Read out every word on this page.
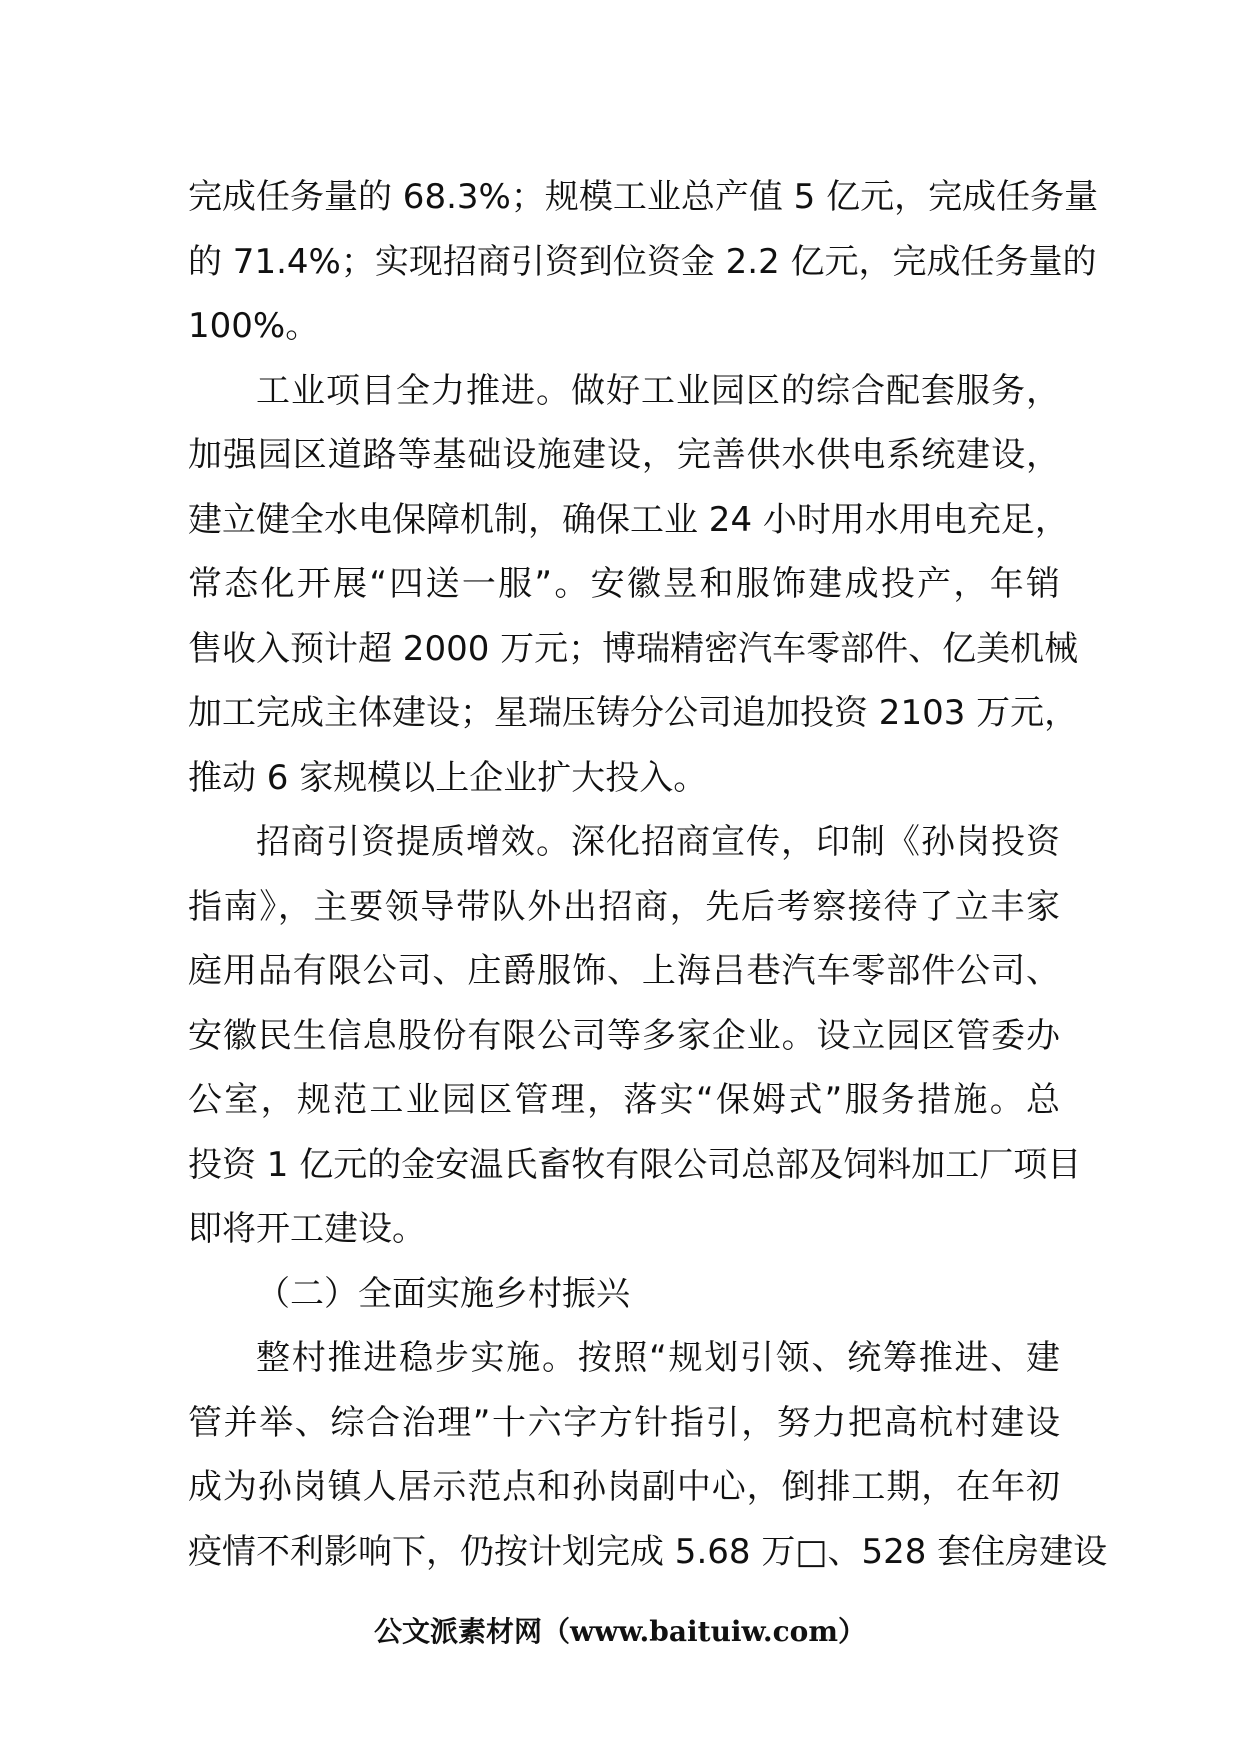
完成任务量的 68.3%；规模工业总产值 5 亿元，完成任务量
的 71.4%；实现招商引资到位资金 2.2 亿元，完成任务量的
100%。
工业项目全力推进。做好工业园区的综合配套服务，
加强园区道路等基础设施建设，完善供水供电系统建设，
建立健全水电保障机制，确保工业 24 小时用水用电充足，
常态化开展“四送一服”。安徽昱和服饰建成投产，年销
售收入预计超 2000 万元；博瑞精密汽车零部件、亿美机械
加工完成主体建设；星瑞压铸分公司追加投资 2103 万元，
推动 6 家规模以上企业扩大投入。
招商引资提质增效。深化招商宣传，印制《孙岗投资
指南》，主要领导带队外出招商，先后考察接待了立丰家
庭用品有限公司、庄爵服饰、上海吕巷汽车零部件公司、
安徽民生信息股份有限公司等多家企业。设立园区管委办
公室，规范工业园区管理，落实“保姆式”服务措施。总
投资 1 亿元的金安温氏畜牧有限公司总部及饲料加工厂项目
即将开工建设。
（二）全面实施乡村振兴
整村推进稳步实施。按照“规划引领、统筹推进、建
管并举、综合治理”十六字方针指引，努力把高杭村建设
成为孙岗镇人居示范点和孙岗副中心，倒排工期，在年初
疫情不利影响下，仍按计划完成 5.68 万□、528 套住房建设
公文派素材网（www.baituiw.com）
